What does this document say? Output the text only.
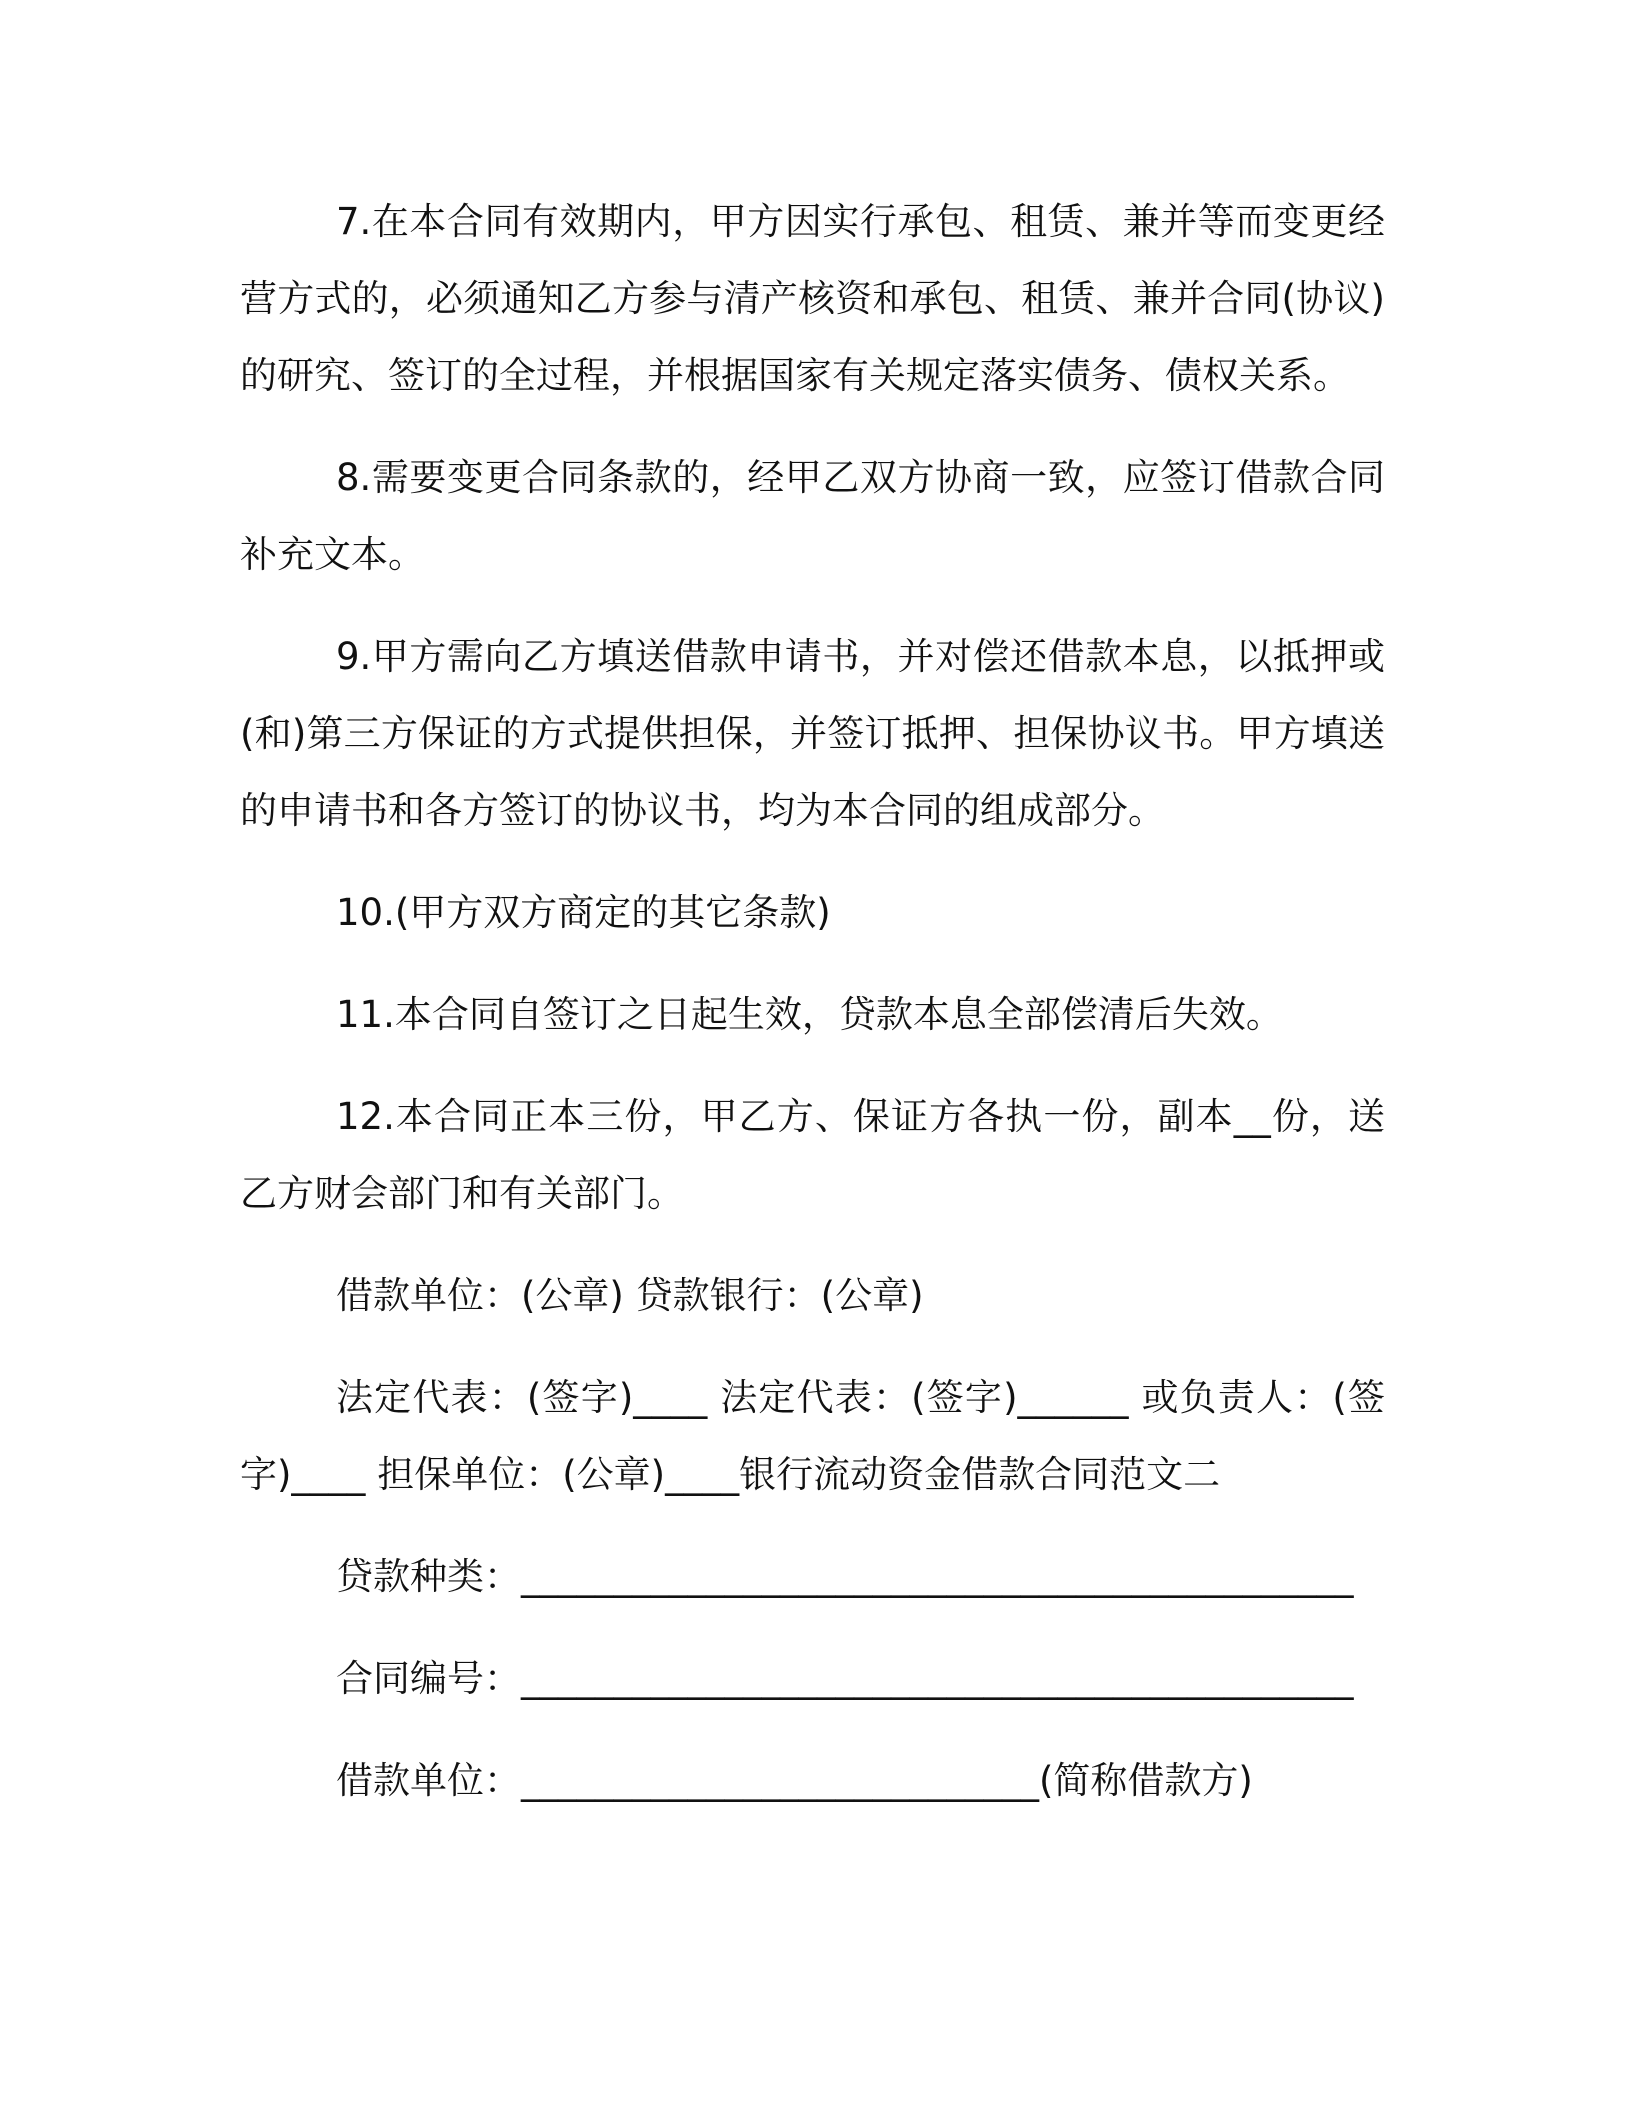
7.在本合同有效期内，甲方因实行承包、租赁、兼并等而变更经营方式的，必须通知乙方参与清产核资和承包、租赁、兼并合同(协议)的研究、签订的全过程，并根据国家有关规定落实债务、债权关系。

8.需要变更合同条款的，经甲乙双方协商一致，应签订借款合同补充文本。

9.甲方需向乙方填送借款申请书，并对偿还借款本息，以抵押或(和)第三方保证的方式提供担保，并签订抵押、担保协议书。甲方填送的申请书和各方签订的协议书，均为本合同的组成部分。

10.(甲方双方商定的其它条款)

11.本合同自签订之日起生效，贷款本息全部偿清后失效。

12.本合同正本三份，甲乙方、保证方各执一份，副本__份，送乙方财会部门和有关部门。

借款单位：(公章) 贷款银行：(公章)

法定代表：(签字)____ 法定代表：(签字)______ 或负责人：(签字)____ 担保单位：(公章)____银行流动资金借款合同范文二

贷款种类：_____________________________________________

合同编号：_____________________________________________

借款单位：____________________________(简称借款方)
